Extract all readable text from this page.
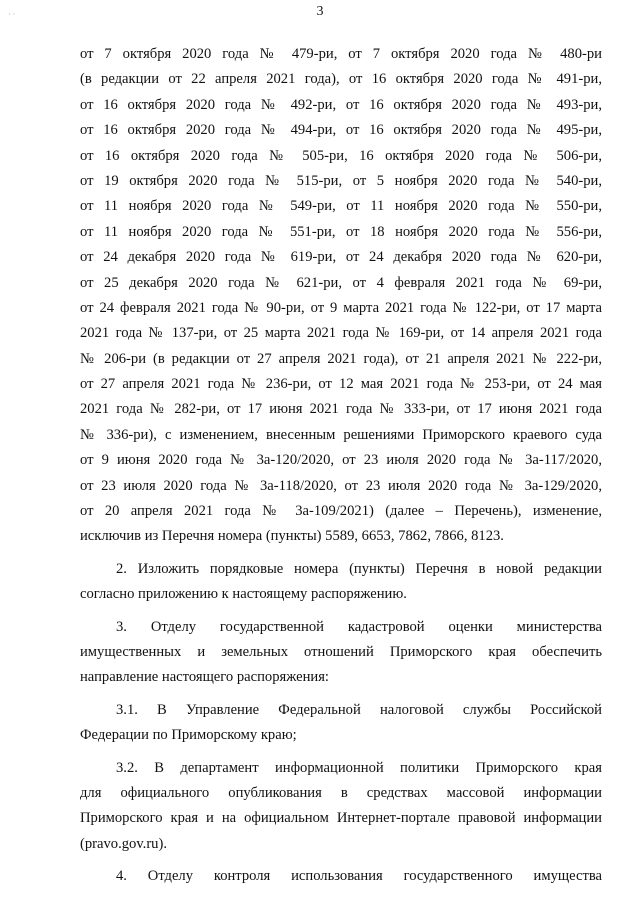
3
· ·
от 7 октября 2020 года № 479-ри, от 7 октября 2020 года № 480-ри
(в редакции от 22 апреля 2021 года), от 16 октября 2020 года № 491-ри,
от 16 октября 2020 года № 492-ри, от 16 октября 2020 года № 493-ри,
от 16 октября 2020 года № 494-ри, от 16 октября 2020 года № 495-ри,
от 16 октября 2020 года № 505-ри, 16 октября 2020 года № 506-ри,
от 19 октября 2020 года № 515-ри, от 5 ноября 2020 года № 540-ри,
от 11 ноября 2020 года № 549-ри, от 11 ноября 2020 года № 550-ри,
от 11 ноября 2020 года № 551-ри, от 18 ноября 2020 года № 556-ри,
от 24 декабря 2020 года № 619-ри, от 24 декабря 2020 года № 620-ри,
от 25 декабря 2020 года № 621-ри, от 4 февраля 2021 года № 69-ри,
от 24 февраля 2021 года № 90-ри, от 9 марта 2021 года № 122-ри, от 17 марта
2021 года № 137-ри, от 25 марта 2021 года № 169-ри, от 14 апреля 2021 года
№ 206-ри (в редакции от 27 апреля 2021 года), от 21 апреля 2021 № 222-ри,
от 27 апреля 2021 года № 236-ри, от 12 мая 2021 года № 253-ри, от 24 мая
2021 года № 282-ри, от 17 июня 2021 года № 333-ри, от 17 июня 2021 года
№ 336-ри), с изменением, внесенным решениями Приморского краевого суда
от 9 июня 2020 года № 3а-120/2020, от 23 июля 2020 года № 3а-117/2020,
от 23 июля 2020 года № 3а-118/2020, от 23 июля 2020 года № 3а-129/2020,
от 20 апреля 2021 года № 3а-109/2021) (далее – Перечень), изменение,
исключив из Перечня номера (пункты) 5589, 6653, 7862, 7866, 8123.
2. Изложить порядковые номера (пункты) Перечня в новой редакции
согласно приложению к настоящему распоряжению.
3. Отделу государственной кадастровой оценки министерства
имущественных и земельных отношений Приморского края обеспечить
направление настоящего распоряжения:
3.1. В Управление Федеральной налоговой службы Российской
Федерации по Приморскому краю;
3.2. В департамент информационной политики Приморского края
для официального опубликования в средствах массовой информации
Приморского края и на официальном Интернет-портале правовой информации
(pravo.gov.ru).
4. Отделу контроля использования государственного имущества
